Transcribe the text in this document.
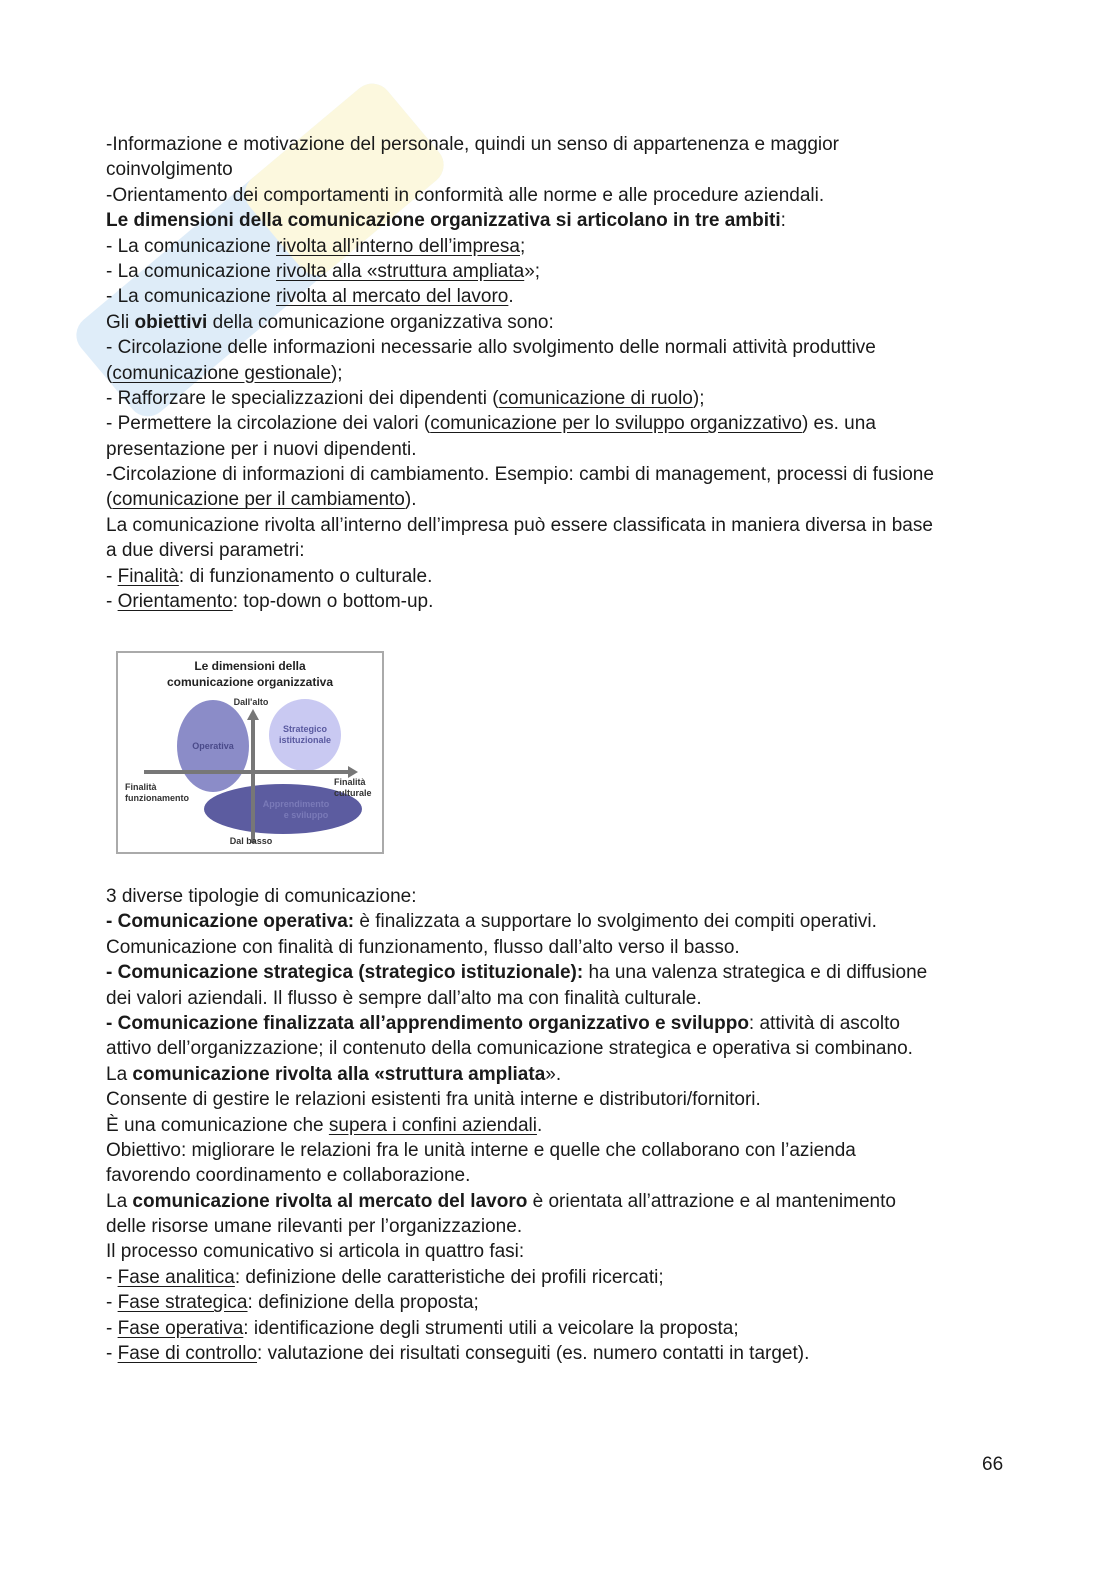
-Informazione e motivazione del personale, quindi un senso di appartenenza e maggior
coinvolgimento
-Orientamento dei comportamenti in conformità alle norme e alle procedure aziendali.
Le dimensioni della comunicazione organizzativa si articolano in tre ambiti:
- La comunicazione rivolta all’interno dell’impresa;
- La comunicazione rivolta alla «struttura ampliata»;
- La comunicazione rivolta al mercato del lavoro.
Gli obiettivi della comunicazione organizzativa sono:
- Circolazione delle informazioni necessarie allo svolgimento delle normali attività produttive
(comunicazione gestionale);
- Rafforzare le specializzazioni dei dipendenti (comunicazione di ruolo);
- Permettere la circolazione dei valori (comunicazione per lo sviluppo organizzativo) es. una
presentazione per i nuovi dipendenti.
-Circolazione di informazioni di cambiamento. Esempio: cambi di management, processi di fusione
(comunicazione per il cambiamento).
La comunicazione rivolta all’interno dell’impresa può essere classificata in maniera diversa in base
a due diversi parametri:
- Finalità: di funzionamento o culturale.
- Orientamento: top-down o bottom-up.
Le dimensioni della
comunicazione organizzativa
Dall'alto
Dal basso
Finalità
funzionamento
Finalità
culturale
Operativa
Strategico
istituzionale
Apprendimento
e sviluppo
3 diverse tipologie di comunicazione:
- Comunicazione operativa: è finalizzata a supportare lo svolgimento dei compiti operativi.
Comunicazione con finalità di funzionamento, flusso dall’alto verso il basso.
- Comunicazione strategica (strategico istituzionale): ha una valenza strategica e di diffusione
dei valori aziendali. Il flusso è sempre dall’alto ma con finalità culturale.
- Comunicazione finalizzata all’apprendimento organizzativo e sviluppo: attività di ascolto
attivo dell’organizzazione; il contenuto della comunicazione strategica e operativa si combinano.
La comunicazione rivolta alla «struttura ampliata».
Consente di gestire le relazioni esistenti fra unità interne e distributori/fornitori.
È una comunicazione che supera i confini aziendali.
Obiettivo: migliorare le relazioni fra le unità interne e quelle che collaborano con l’azienda
favorendo coordinamento e collaborazione.
La comunicazione rivolta al mercato del lavoro è orientata all’attrazione e al mantenimento
delle risorse umane rilevanti per l’organizzazione.
Il processo comunicativo si articola in quattro fasi:
- Fase analitica: definizione delle caratteristiche dei profili ricercati;
- Fase strategica: definizione della proposta;
- Fase operativa: identificazione degli strumenti utili a veicolare la proposta;
- Fase di controllo: valutazione dei risultati conseguiti (es. numero contatti in target).
66
